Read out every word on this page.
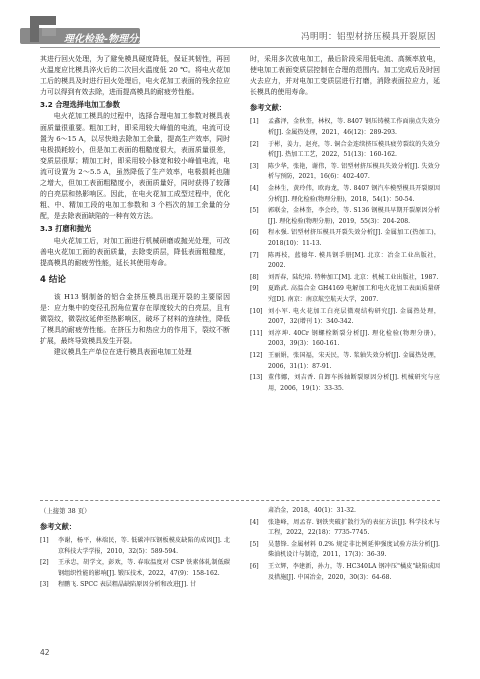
理化检验-物理分册	冯明明：铝型材挤压模具开裂原因

其进行回火处理，为了避免模具硬度降低，保证其韧性，再回火温度应比模具淬火后的二次回火温度低 20 ℃。将电火花加工后的模具及时进行回火处理后，电火花加工表面的残余拉应力可以得到有效去除，进而提高模具的耐疲劳性能。

3.2 合理选择电加工参数

电火花加工模具的过程中，选择合理电加工参数对模具表面质量很重要。粗加工时，即采用较大峰值的电流，电流可设置为 6～15 A，以尽快地去除加工余量，提高生产效率，同时电极损耗较小，但是加工表面的粗糙度很大，表面质量很差，变质层很厚；精加工时，即采用较小脉宽和较小峰值电流，电流可设置为 2～5.5 A，虽然降低了生产效率，电极损耗也随之增大，但加工表面粗糙度小，表面质量好，同时获得了较薄的白亮层和热影响区。因此，在电火花加工成型过程中，优化粗、中、精加工段的电加工参数和 3 个档次的加工余量的分配，是去除表面缺陷的一种有效方法。

3.3 打磨和抛光

电火花加工后，对加工面进行机械研磨或抛光处理，可改善电火花加工面的表面质量，去除变质层，降低表面粗糙度，提高模具的耐疲劳性能，延长其使用寿命。

4 结论

该 H13 钢制备的铝合金挤压模具出现开裂的主要原因是：应力集中的变径孔拐角位置存在厚度较大的白亮层，且有微裂纹，微裂纹延伸至热影响区，破坏了材料的连续性，降低了模具的耐疲劳性能。在挤压力和热应力的作用下，裂纹不断扩展，最终导致模具发生开裂。

建议模具生产单位在进行模具表面电加工处理

时，采用多次放电加工，最后阶段采用低电流、高频率放电，使电加工表面变质层控制在合理的范围内。加工完成后及时回火去应力，并对电加工变质层进行打磨，消除表面拉应力，延长模具的使用寿命。

参考文献：
[1]	孟鑫泽，金秋奎，林权，等. 8407 钢压铸模工作面崩点失效分析[J]. 金属热处理，2021，46(12)：289-293.
[2]	于彬，姜力，赵亮，等. 铜合金连续挤压模具疲劳裂纹的失效分析[J]. 热加工工艺，2022，51(13)：160-162.
[3]	陈少华，张艳，谢伟，等. 铝型材挤压模具失效分析[J]. 失效分析与预防，2021，16(6)：402-407.
[4]	金林生，黄玲伟，欧海龙，等. 8407 钢汽车模型模具开裂原因分析[J]. 理化检验(物理分册)，2018，54(1)：50-54.
[5]	郭联金，金林奎，李会玲，等. S136 钢模具早期开裂原因分析[J]. 理化检验(物理分册)，2019，55(3)：204-208.
[6]	程永强. 铝型材挤压模具开裂失效分析[J]. 金属加工(热加工)，2018(10)：11-13.
[7]	陈再枝，蓝德年. 模具钢手册[M]. 北京：冶金工业出版社，2002.
[8]	刘晋春，陆纪培. 特种加工[M]. 北京：机械工业出版社，1987.
[9]	夏路武. 高温合金 GH4169 电解加工和电火花加工表面质量研究[D]. 南京：南京航空航天大学，2007.
[10] 刘小军. 电火花加工白亮层微观结构研究[J]. 金属热处理，2007，32(增刊 1)：340-342.
[11] 刘淳坤. 40Cr 钢螺栓断裂分析[J]. 理化检验(物理分册)，2003，39(3)：160-161.
[12] 王丽娟，张国福，宋天民，等. 浆轴失效分析[J]. 金属热处理，2006，31(1)：87-91.
[13] 董伟娜，刘吉香. 自卸车拆轴断裂原因分析[J]. 机械研究与应用，2006，19(1)：33-35.
（上接第 38 页）
参考文献：
[1]	李谢，杨平，林端民，等. 低碳冲压钢板模皮缺陷的成因[J]. 北京科技大学学报，2010，32(5)：589-594.
[2]	王承忠，胡学文，彭欢，等. 春取温度对 CSP 铁素体轧制低碳钢组织性能的影响[J]. 锻压技术，2022，47(9)：158-162.
[3]	程鹏飞. SPCC 表层粗晶缺陷原因分析和改进[J]. 甘
肃冶金，2018，40(1)：31-32.
[4]	张逢峰，周孟存. 钢铁夹破扩散行为的表征方法[J]. 科学技术与工程，2022，22(18)：7735-7745.
[5]	吴慧锋. 金属材料 0.2% 规定非比例延伸强度试验方法分析[J]. 柴油机设计与制造，2011，17(3)：36-39.
[6]	王立辉，李建新，孙力，等. HC340LA 钢冲压"橘皮"缺陷成因及措施[J]. 中国冶金，2020，30(3)：64-68.
42
